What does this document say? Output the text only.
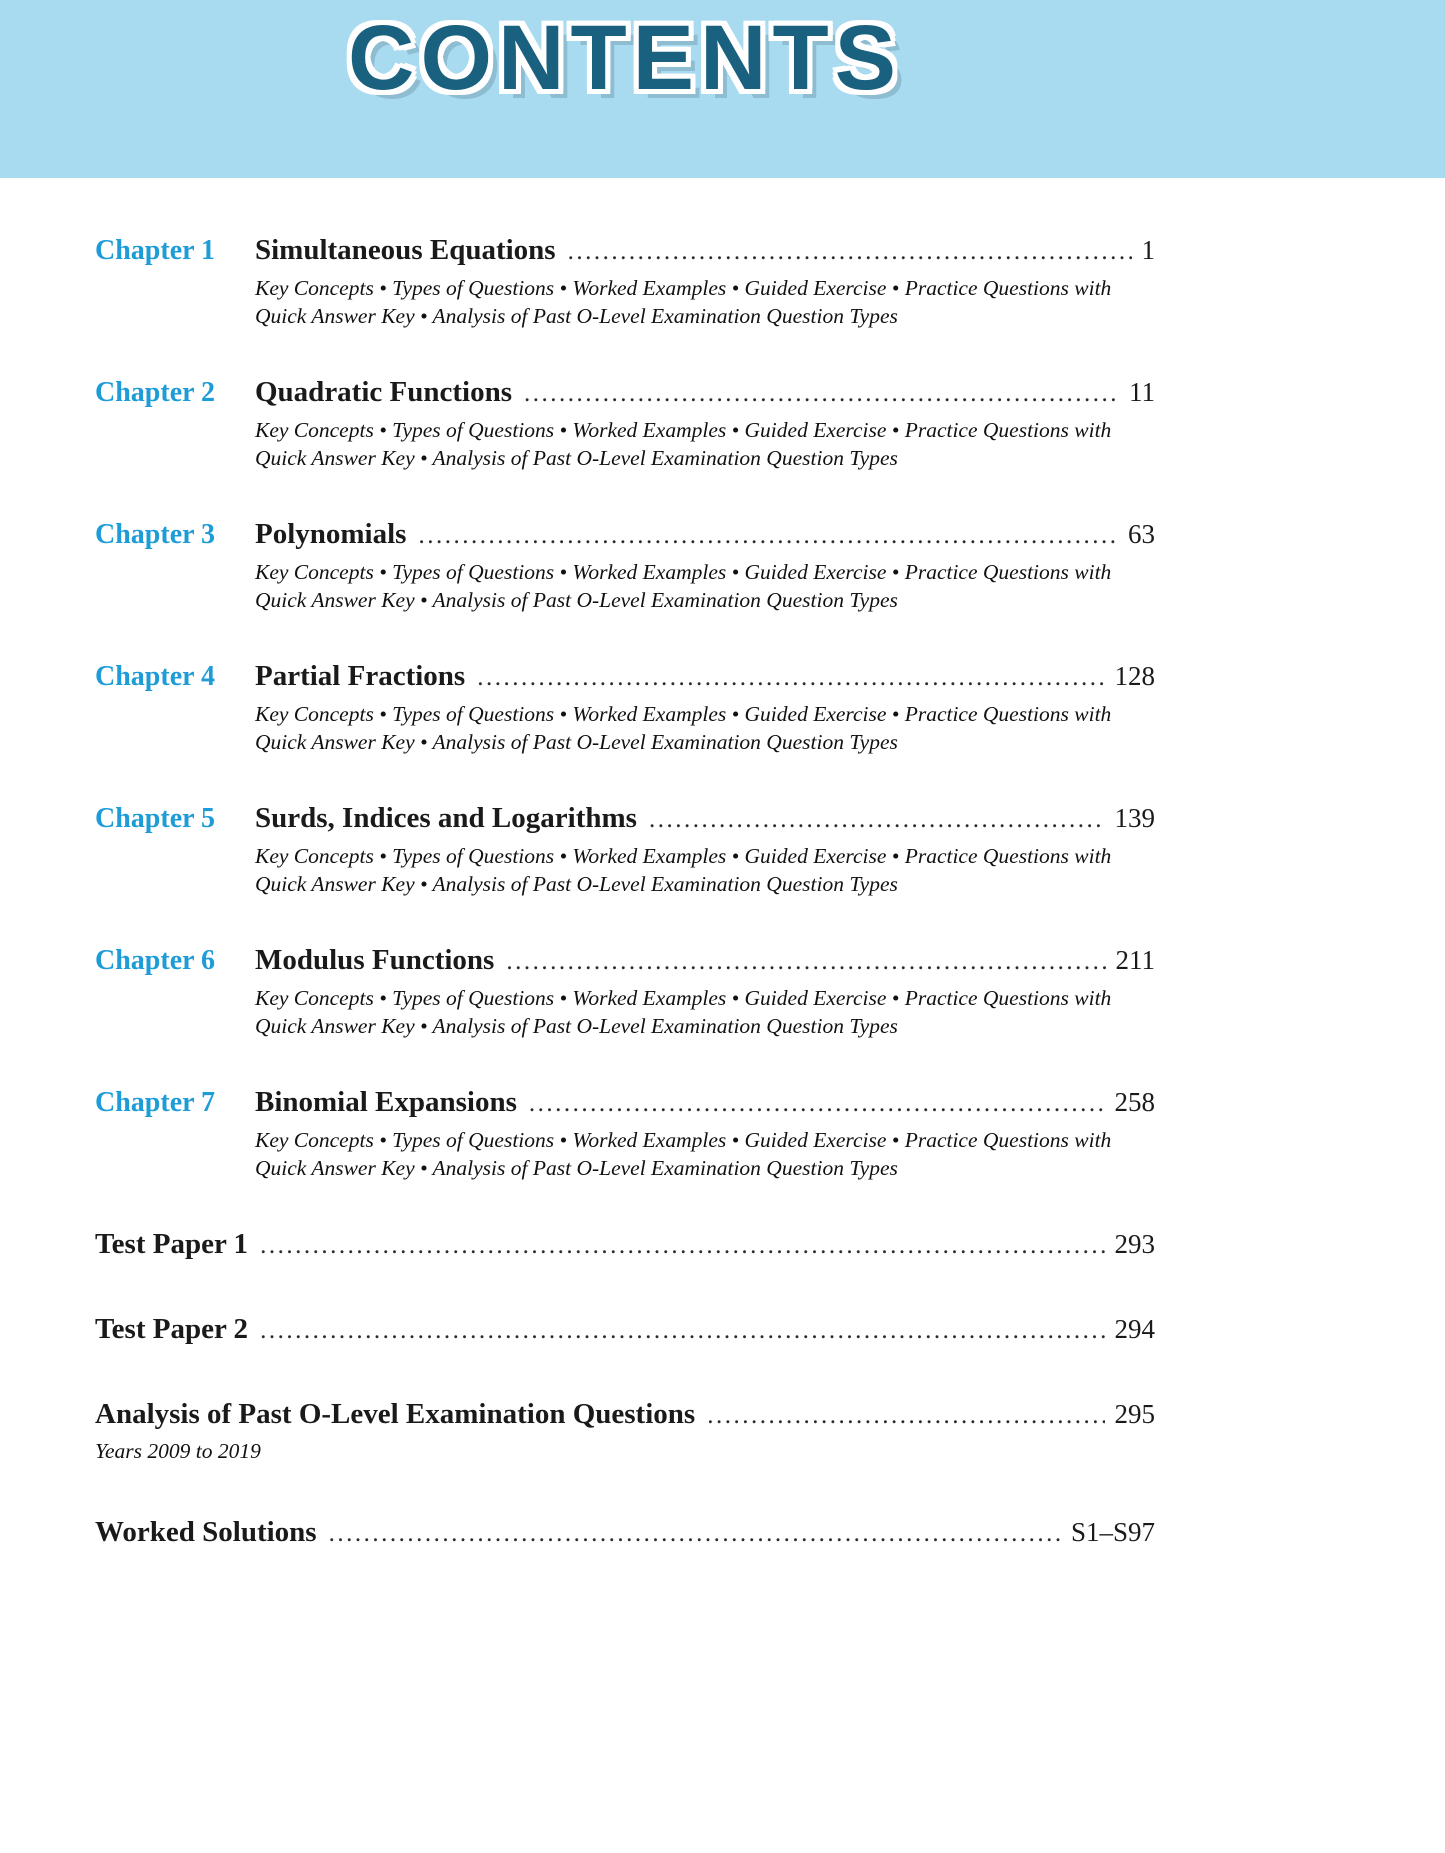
CONTENTS
Chapter 1	Simultaneous Equations .....	1
Key Concepts • Types of Questions • Worked Examples • Guided Exercise • Practice Questions with
Quick Answer Key • Analysis of Past O-Level Examination Question Types
Chapter 2	Quadratic Functions .....	11
Key Concepts • Types of Questions • Worked Examples • Guided Exercise • Practice Questions with
Quick Answer Key • Analysis of Past O-Level Examination Question Types
Chapter 3	Polynomials .....	63
Key Concepts • Types of Questions • Worked Examples • Guided Exercise • Practice Questions with
Quick Answer Key • Analysis of Past O-Level Examination Question Types
Chapter 4	Partial Fractions .....	128
Key Concepts • Types of Questions • Worked Examples • Guided Exercise • Practice Questions with
Quick Answer Key • Analysis of Past O-Level Examination Question Types
Chapter 5	Surds, Indices and Logarithms .....	139
Key Concepts • Types of Questions • Worked Examples • Guided Exercise • Practice Questions with
Quick Answer Key • Analysis of Past O-Level Examination Question Types
Chapter 6	Modulus Functions .....	211
Key Concepts • Types of Questions • Worked Examples • Guided Exercise • Practice Questions with
Quick Answer Key • Analysis of Past O-Level Examination Question Types
Chapter 7	Binomial Expansions .....	258
Key Concepts • Types of Questions • Worked Examples • Guided Exercise • Practice Questions with
Quick Answer Key • Analysis of Past O-Level Examination Question Types
Test Paper 1 .....	293
Test Paper 2 .....	294
Analysis of Past O-Level Examination Questions .....	295
Years 2009 to 2019
Worked Solutions .....	S1–S97
